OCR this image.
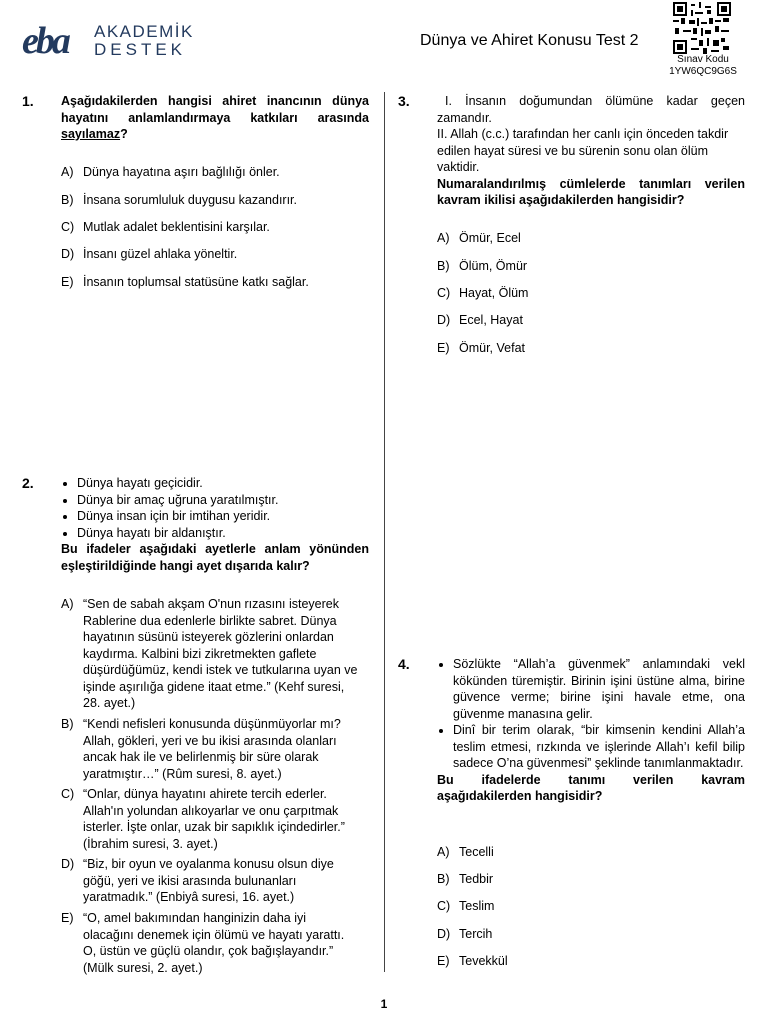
eba AKADEMİK
DESTEK	Dünya ve Ahiret Konusu Test 2
Sınav Kodu
1YW6QC9G6S
1. Aşağıdakilerden hangisi ahiret inancının dünya hayatını anlamlandırmaya katkıları arasında sayılamaz?
A) Dünya hayatına aşırı bağlılığı önler.
B) İnsana sorumluluk duygusu kazandırır.
C) Mutlak adalet beklentisini karşılar.
D) İnsanı güzel ahlaka yöneltir.
E) İnsanın toplumsal statüsüne katkı sağlar.
2.	• Dünya hayatı geçicidir.
• Dünya bir amaç uğruna yaratılmıştır.
• Dünya insan için bir imtihan yeridir.
• Dünya hayatı bir aldanıştır.
Bu ifadeler aşağıdaki ayetlerle anlam yönünden eşleştirildiğinde hangi ayet dışarıda kalır?
A) “Sen de sabah akşam O'nun rızasını isteyerek Rablerine dua edenlerle birlikte sabret. Dünya hayatının süsünü isteyerek gözlerini onlardan kaydırma. Kalbini bizi zikretmekten gaflete düşürdüğümüz, kendi istek ve tutkularına uyan ve işinde aşırılığa gidene itaat etme.” (Kehf suresi, 28. ayet.)
B) “Kendi nefisleri konusunda düşünmüyorlar mı? Allah, gökleri, yeri ve bu ikisi arasında olanları ancak hak ile ve belirlenmiş bir süre olarak yaratmıştır…” (Rûm suresi, 8. ayet.)
C) “Onlar, dünya hayatını ahirete tercih ederler. Allah'ın yolundan alıkoyarlar ve onu çarpıtmak isterler. İşte onlar, uzak bir sapıklık içindedirler.” (İbrahim suresi, 3. ayet.)
D) “Biz, bir oyun ve oyalanma konusu olsun diye göğü, yeri ve ikisi arasında bulunanları yaratmadık.” (Enbiyâ suresi, 16. ayet.)
E) “O, amel bakımından hanginizin daha iyi olacağını denemek için ölümü ve hayatı yarattı. O, üstün ve güçlü olandır, çok bağışlayandır.” (Mülk suresi, 2. ayet.)
3.	I. İnsanın doğumundan ölümüne kadar geçen zamandır.
II. Allah (c.c.) tarafından her canlı için önceden takdir edilen hayat süresi ve bu sürenin sonu olan ölüm vaktidir.
Numaralandırılmış cümlelerde tanımları verilen kavram ikilisi aşağıdakilerden hangisidir?
A) Ömür, Ecel
B) Ölüm, Ömür
C) Hayat, Ölüm
D) Ecel, Hayat
E) Ömür, Vefat
4.	• Sözlükte “Allah’a güvenmek” anlamındaki vekl kökünden türemiştir. Birinin işini üstüne alma, birine güvence verme; birine işini havale etme, ona güvenme manasına gelir.
• Dinî bir terim olarak, “bir kimsenin kendini Allah’a teslim etmesi, rızkında ve işlerinde Allah’ı kefil bilip sadece O’na güvenmesi” şeklinde tanımlanmaktadır.
Bu ifadelerde tanımı verilen kavram aşağıdakilerden hangisidir?
A) Tecelli
B) Tedbir
C) Teslim
D) Tercih
E) Tevekkül
1
